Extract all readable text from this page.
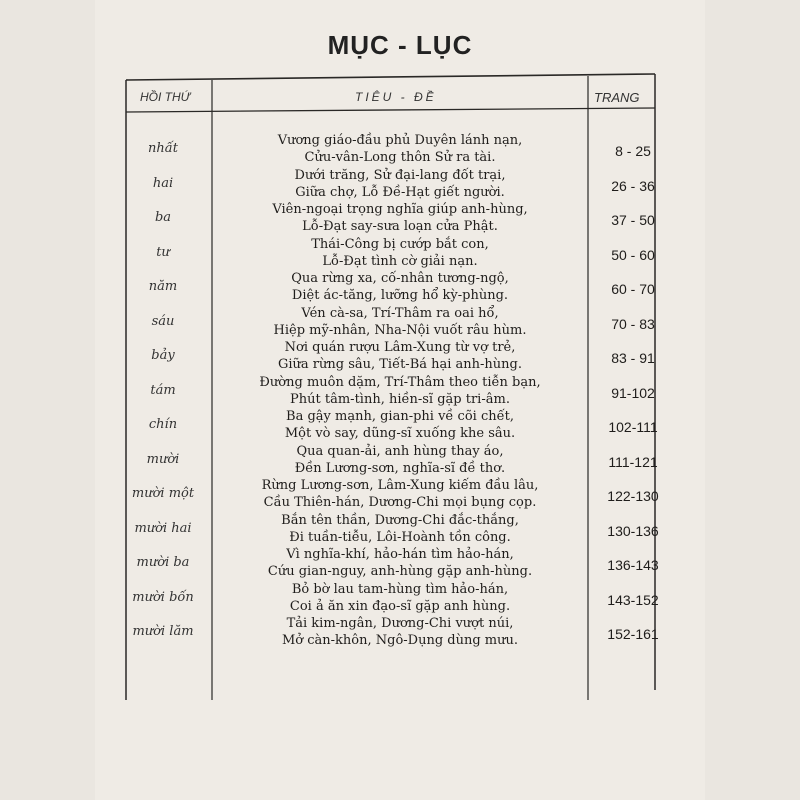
MỤC - LỤC
HỒI THỨ	TIÊU - ĐỀ	TRANG
nhất
Vương giáo-đầu phủ Duyên lánh nạn,
Cửu-vân-Long thôn Sử ra tài.	8 - 25
hai
Dưới trăng, Sử đại-lang đốt trại,
Giữa chợ, Lỗ Đề-Hạt giết người.	26 - 36
ba
Viên-ngoại trọng nghĩa giúp anh-hùng,
Lỗ-Đạt say-sưa loạn cửa Phật.	37 - 50
tư
Thái-Công bị cướp bắt con,
Lỗ-Đạt tình cờ giải nạn.	50 - 60
năm
Qua rừng xa, cố-nhân tương-ngộ,
Diệt ác-tăng, lưỡng hổ kỳ-phùng.	60 - 70
sáu
Vén cà-sa, Trí-Thâm ra oai hổ,
Hiệp mỹ-nhân, Nha-Nội vuốt râu hùm.	70 - 83
bảy
Nơi quán rượu Lâm-Xung từ vợ trẻ,
Giữa rừng sâu, Tiết-Bá hại anh-hùng.	83 - 91
tám
Đường muôn dặm, Trí-Thâm theo tiễn bạn,
Phút tâm-tình, hiền-sĩ gặp tri-âm.	91-102
chín
Ba gậy mạnh, gian-phi về cõi chết,
Một vò say, dũng-sĩ xuống khe sâu.	102-111
mười
Qua quan-ải, anh hùng thay áo,
Đền Lương-sơn, nghĩa-sĩ đề thơ.	111-121
mười một
Rừng Lương-sơn, Lâm-Xung kiếm đầu lâu,
Cầu Thiên-hán, Dương-Chi mọi bụng cọp.	122-130
mười hai
Bắn tên thần, Dương-Chi đắc-thắng,
Đi tuần-tiễu, Lôi-Hoành tồn công.	130-136
mười ba
Vì nghĩa-khí, hảo-hán tìm hảo-hán,
Cứu gian-nguy, anh-hùng gặp anh-hùng.	136-143
mười bốn
Bỏ bờ lau tam-hùng tìm hảo-hán,
Coi ả ăn xin đạo-sĩ gặp anh hùng.	143-152
mười lăm
Tải kim-ngân, Dương-Chi vượt núi,
Mở càn-khôn, Ngô-Dụng dùng mưu.	152-161
